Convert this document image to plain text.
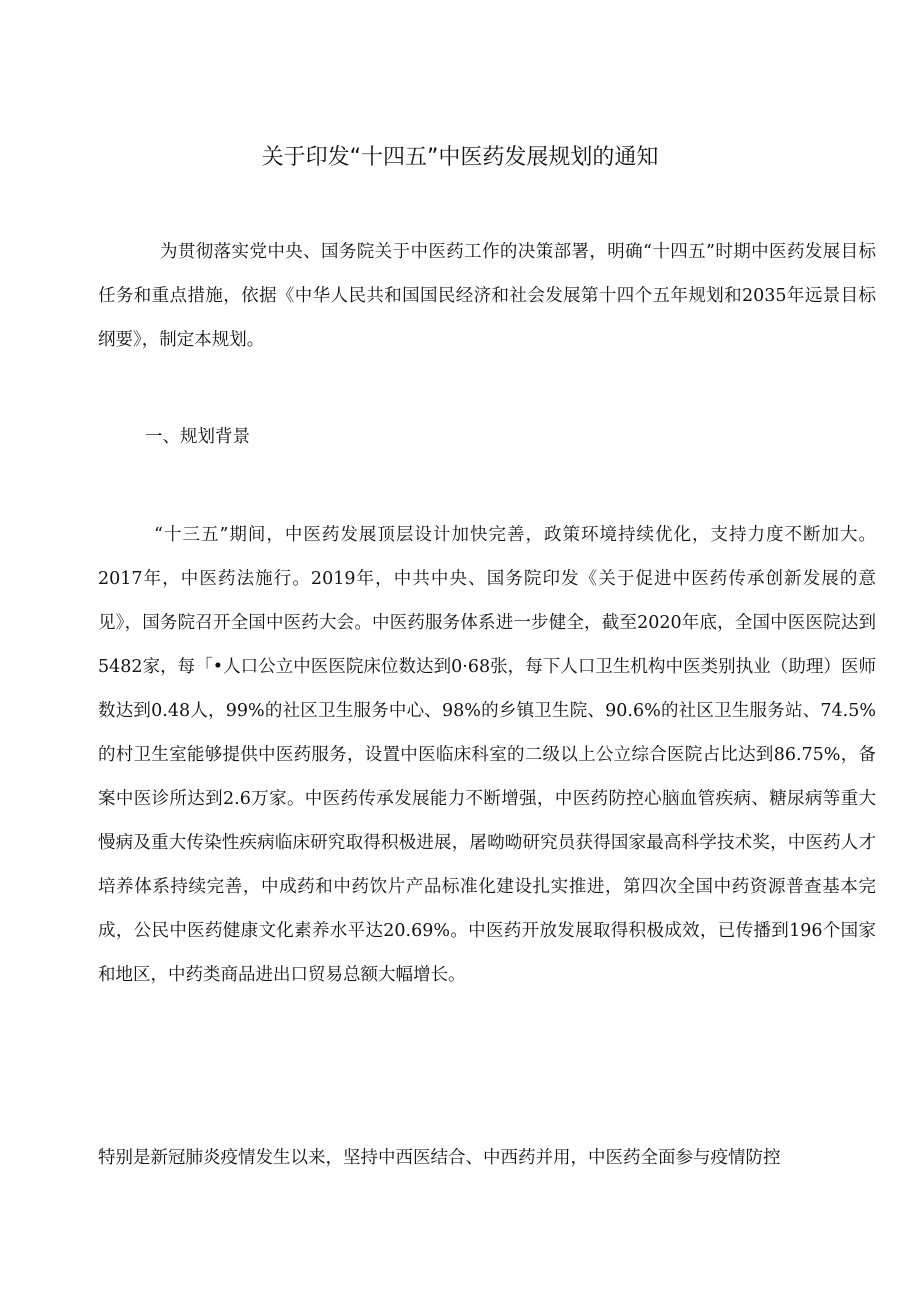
关于印发“十四五”中医药发展规划的通知

为贯彻落实党中央、国务院关于中医药工作的决策部署，明确“十四五”时期中医药发展目标任务和重点措施，依据《中华人民共和国国民经济和社会发展第十四个五年规划和2035年远景目标纲要》，制定本规划。

一、规划背景

“十三五”期间，中医药发展顶层设计加快完善，政策环境持续优化，支持力度不断加大。2017年，中医药法施行。2019年，中共中央、国务院印发《关于促进中医药传承创新发展的意见》，国务院召开全国中医药大会。中医药服务体系进一步健全，截至2020年底，全国中医医院达到5482家，每「•人口公立中医医院床位数达到0·68张，每下人口卫生机构中医类别执业（助理）医师数达到0.48人，99%的社区卫生服务中心、98%的乡镇卫生院、90.6%的社区卫生服务站、74.5%的村卫生室能够提供中医药服务，设置中医临床科室的二级以上公立综合医院占比达到86.75%，备案中医诊所达到2.6万家。中医药传承发展能力不断增强，中医药防控心脑血管疾病、糖尿病等重大慢病及重大传染性疾病临床研究取得积极进展，屠呦呦研究员获得国家最高科学技术奖，中医药人才培养体系持续完善，中成药和中药饮片产品标准化建设扎实推进，第四次全国中药资源普查基本完成，公民中医药健康文化素养水平达20.69%。中医药开放发展取得积极成效，已传播到196个国家和地区，中药类商品进出口贸易总额大幅增长。

特别是新冠肺炎疫情发生以来，坚持中西医结合、中西药并用，中医药全面参与疫情防控
